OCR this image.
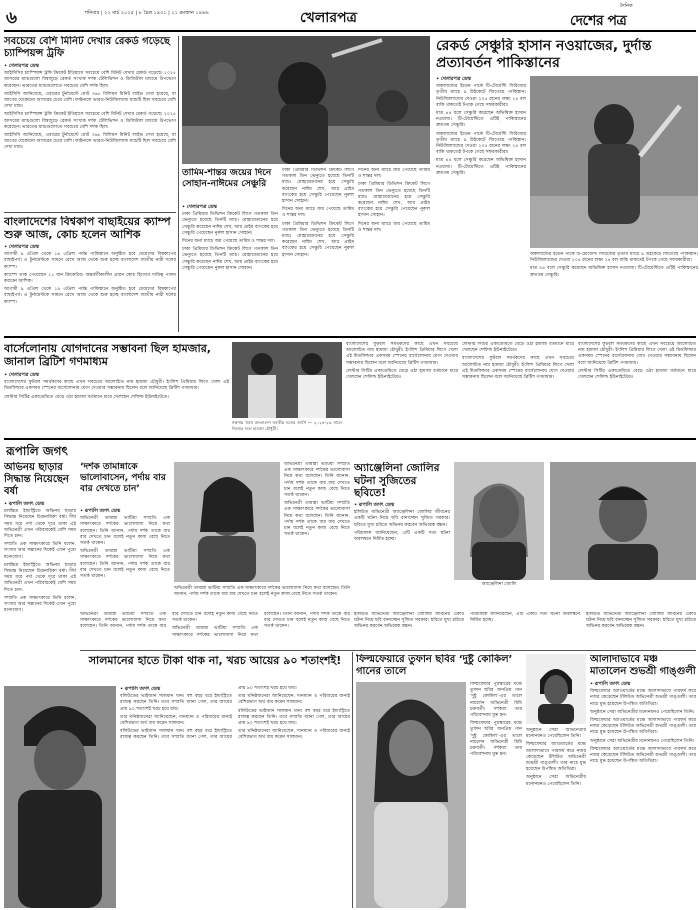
৬	শনিবার | ২২ মার্চ ২০২৫ | ৮ চৈত্র ১৪৩১ | ২১ রমজান ১৪৪৬	খেলারপত্র
দৈনিক
দেশের পত্র
সবচেয়ে বেশি মিনিট দেখার রেকর্ড গড়েছে চ্যাম্পিয়ন্স ট্রফি
• খেলারপত্র ডেস্ক

আইসিসির চ্যাম্পিয়ন্স ট্রফি ক্রিকেট ইতিহাসে সবচেয়ে বেশি মিনিট দেখার রেকর্ড গড়েছে। ২০২৫ আসরের ম্যাচগুলো বিশ্বজুড়ে রেকর্ড সংখ্যক দর্শক টেলিভিশন ও ডিজিটাল মাধ্যমে উপভোগ করেছেন। ভারতের ম্যাচগুলোতে সবচেয়ে বেশি দর্শক ছিল।

আইসিসি জানিয়েছে, এবারের টুর্নামেন্টে মোট ৩৬৮ বিলিয়ন মিনিট লাইভ দেখা হয়েছে, যা আগের যেকোনো আসরের চেয়ে বেশি। ফাইনালে ভারত-নিউজিল্যান্ড ম্যাচটি ছিল সবচেয়ে বেশি দেখা ম্যাচ।

আইসিসির চ্যাম্পিয়ন্স ট্রফি ক্রিকেট ইতিহাসে সবচেয়ে বেশি মিনিট দেখার রেকর্ড গড়েছে। ২০২৫ আসরের ম্যাচগুলো বিশ্বজুড়ে রেকর্ড সংখ্যক দর্শক টেলিভিশন ও ডিজিটাল মাধ্যমে উপভোগ করেছেন। ভারতের ম্যাচগুলোতে সবচেয়ে বেশি দর্শক ছিল।

আইসিসি জানিয়েছে, এবারের টুর্নামেন্টে মোট ৩৬৮ বিলিয়ন মিনিট লাইভ দেখা হয়েছে, যা আগের যেকোনো আসরের চেয়ে বেশি। ফাইনালে ভারত-নিউজিল্যান্ড ম্যাচটি ছিল সবচেয়ে বেশি দেখা ম্যাচ।

বাংলাদেশের বিশ্বকাপ বাছাইয়ের ক্যাম্প শুরু আজ, কোচ হলেন আশিক
• খেলারপত্র ডেস্ক

আগামী ৯ এপ্রিল থেকে ১৯ এপ্রিল পর্যন্ত পাকিস্তানে অনুষ্ঠিত হবে মেয়েদের বিশ্বকাপের বাছাইপর্ব। এ টুর্নামেন্টকে সামনে রেখে আজ থেকে শুরু হচ্ছে বাংলাদেশ জাতীয় নারী দলের ক্যাম্প।

ক্যাম্পে ডাক পেয়েছেন ২১ জন ক্রিকেটার। অন্তর্বর্তীকালীন প্রধান কোচ হিসেবে দায়িত্ব পালন করবেন আশিক।

আগামী ৯ এপ্রিল থেকে ১৯ এপ্রিল পর্যন্ত পাকিস্তানে অনুষ্ঠিত হবে মেয়েদের বিশ্বকাপের বাছাইপর্ব। এ টুর্নামেন্টকে সামনে রেখে আজ থেকে শুরু হচ্ছে বাংলাদেশ জাতীয় নারী দলের ক্যাম্প।

রেকর্ড সেঞ্চুরি হাসান নওয়াজের, দুর্দান্ত প্রত্যাবর্তন পাকিস্তানের
• খেলারপত্র ডেস্ক

অকল্যান্ডের ইডেন পার্কে টি-টোয়েন্টি সিরিজের তৃতীয় ম্যাচে ৯ উইকেটে জিতেছে পাকিস্তান। নিউজিল্যান্ডের দেওয়া ২০৫ রানের লক্ষ্য ২৪ বল বাকি থাকতেই টপকে গেছে সফরকারীরা।

মাত্র ৪৪ বলে সেঞ্চুরি করেছেন অভিষিক্ত হাসান নওয়াজ। টি-টোয়েন্টিতে এটিই পাকিস্তানের দ্রুততম সেঞ্চুরি।

অকল্যান্ডের ইডেন পার্কে টি-টোয়েন্টি সিরিজের তৃতীয় ম্যাচে ৯ উইকেটে জিতেছে পাকিস্তান। নিউজিল্যান্ডের দেওয়া ২০৫ রানের লক্ষ্য ২৪ বল বাকি থাকতেই টপকে গেছে সফরকারীরা।

মাত্র ৪৪ বলে সেঞ্চুরি করেছেন অভিষিক্ত হাসান নওয়াজ। টি-টোয়েন্টিতে এটিই পাকিস্তানের দ্রুততম সেঞ্চুরি।

অকল্যান্ডের ইডেন পার্কে টি-টোয়েন্টি সিরিজের তৃতীয় ম্যাচে ৯ উইকেটে জিতেছে পাকিস্তান। নিউজিল্যান্ডের দেওয়া ২০৫ রানের লক্ষ্য ২৪ বল বাকি থাকতেই টপকে গেছে সফরকারীরা।

মাত্র ৪৪ বলে সেঞ্চুরি করেছেন অভিষিক্ত হাসান নওয়াজ। টি-টোয়েন্টিতে এটিই পাকিস্তানের দ্রুততম সেঞ্চুরি।

তামিম-শান্তর জয়ের দিনে সোহান-নাঈমের সেঞ্চুরি
• খেলারপত্র ডেস্ক

ঢাকা প্রিমিয়ার ডিভিশন ক্রিকেট লিগে গতকাল তিন ভেন্যুতে হয়েছে তিনটি ম্যাচ। মোহামেডানের হয়ে সেঞ্চুরি করেছেন নাঈম শেখ, আর প্রাইম ব্যাংকের হয়ে সেঞ্চুরি পেয়েছেন নুরুল হাসান সোহান।

দিনের অন্য ম্যাচে জয় পেয়েছে তামিম ও শান্তর দল।

ঢাকা প্রিমিয়ার ডিভিশন ক্রিকেট লিগে গতকাল তিন ভেন্যুতে হয়েছে তিনটি ম্যাচ। মোহামেডানের হয়ে সেঞ্চুরি করেছেন নাঈম শেখ, আর প্রাইম ব্যাংকের হয়ে সেঞ্চুরি পেয়েছেন নুরুল হাসান সোহান।

ঢাকা প্রিমিয়ার ডিভিশন ক্রিকেট লিগে গতকাল তিন ভেন্যুতে হয়েছে তিনটি ম্যাচ। মোহামেডানের হয়ে সেঞ্চুরি করেছেন নাঈম শেখ, আর প্রাইম ব্যাংকের হয়ে সেঞ্চুরি পেয়েছেন নুরুল হাসান সোহান।

দিনের অন্য ম্যাচে জয় পেয়েছে তামিম ও শান্তর দল।

ঢাকা প্রিমিয়ার ডিভিশন ক্রিকেট লিগে গতকাল তিন ভেন্যুতে হয়েছে তিনটি ম্যাচ। মোহামেডানের হয়ে সেঞ্চুরি করেছেন নাঈম শেখ, আর প্রাইম ব্যাংকের হয়ে সেঞ্চুরি পেয়েছেন নুরুল হাসান সোহান।

দিনের অন্য ম্যাচে জয় পেয়েছে তামিম ও শান্তর দল।

ঢাকা প্রিমিয়ার ডিভিশন ক্রিকেট লিগে গতকাল তিন ভেন্যুতে হয়েছে তিনটি ম্যাচ। মোহামেডানের হয়ে সেঞ্চুরি করেছেন নাঈম শেখ, আর প্রাইম ব্যাংকের হয়ে সেঞ্চুরি পেয়েছেন নুরুল হাসান সোহান।

দিনের অন্য ম্যাচে জয় পেয়েছে তামিম ও শান্তর দল।

বার্সেলোনায় যোগদানের সম্ভাবনা ছিল হামজার, জানাল ব্রিটিশ গণমাধ্যম
• খেলারপত্র ডেস্ক

বাংলাদেশের ফুটবল সমর্থকদের কাছে এখন সবচেয়ে আলোচিত নাম হামজা চৌধুরী। ইংলিশ প্রিমিয়ার লিগে খেলা এই মিডফিল্ডার একসময় স্পেনের বার্সেলোনায় যোগ দেওয়ার সম্ভাবনায় ছিলেন বলে জানিয়েছে ব্রিটিশ গণমাধ্যম।

লেস্টার সিটির একাডেমিতে বেড়ে ওঠা হামজা বর্তমানে ধারে খেলছেন শেফিল্ড ইউনাইটেডে।

নকশায় হুবহু বাংলাদেশ জাতীয় দলের জার্সি — ২০২৫-২৬ সালে নিজের দলে হামজা চৌধুরী।

বাংলাদেশের ফুটবল সমর্থকদের কাছে এখন সবচেয়ে আলোচিত নাম হামজা চৌধুরী। ইংলিশ প্রিমিয়ার লিগে খেলা এই মিডফিল্ডার একসময় স্পেনের বার্সেলোনায় যোগ দেওয়ার সম্ভাবনায় ছিলেন বলে জানিয়েছে ব্রিটিশ গণমাধ্যম।

লেস্টার সিটির একাডেমিতে বেড়ে ওঠা হামজা বর্তমানে ধারে খেলছেন শেফিল্ড ইউনাইটেডে।

লেস্টার সিটির একাডেমিতে বেড়ে ওঠা হামজা বর্তমানে ধারে খেলছেন শেফিল্ড ইউনাইটেডে।

বাংলাদেশের ফুটবল সমর্থকদের কাছে এখন সবচেয়ে আলোচিত নাম হামজা চৌধুরী। ইংলিশ প্রিমিয়ার লিগে খেলা এই মিডফিল্ডার একসময় স্পেনের বার্সেলোনায় যোগ দেওয়ার সম্ভাবনায় ছিলেন বলে জানিয়েছে ব্রিটিশ গণমাধ্যম।

বাংলাদেশের ফুটবল সমর্থকদের কাছে এখন সবচেয়ে আলোচিত নাম হামজা চৌধুরী। ইংলিশ প্রিমিয়ার লিগে খেলা এই মিডফিল্ডার একসময় স্পেনের বার্সেলোনায় যোগ দেওয়ার সম্ভাবনায় ছিলেন বলে জানিয়েছে ব্রিটিশ গণমাধ্যম।

লেস্টার সিটির একাডেমিতে বেড়ে ওঠা হামজা বর্তমানে ধারে খেলছেন শেফিল্ড ইউনাইটেডে।

রূপালি জগৎ
অভিনয় ছাড়ার সিদ্ধান্ত নিয়েছেন বর্ষা
• রূপালি জগৎ ডেস্ক

চলচ্চিত্র ইন্ডাস্ট্রিতে অভিনয় ছাড়ার সিদ্ধান্ত নিয়েছেন চিত্রনায়িকা বর্ষা। দীর্ঘ সময় ধরে পর্দা থেকে দূরে থাকা এই অভিনেত্রী এখন পরিবারকেই বেশি সময় দিতে চান।

সম্প্রতি এক সাক্ষাৎকারে তিনি বলেন, সংসার আর সন্তানের দিকেই এখন পুরো মনোযোগ।

চলচ্চিত্র ইন্ডাস্ট্রিতে অভিনয় ছাড়ার সিদ্ধান্ত নিয়েছেন চিত্রনায়িকা বর্ষা। দীর্ঘ সময় ধরে পর্দা থেকে দূরে থাকা এই অভিনেত্রী এখন পরিবারকেই বেশি সময় দিতে চান।

সম্প্রতি এক সাক্ষাৎকারে তিনি বলেন, সংসার আর সন্তানের দিকেই এখন পুরো মনোযোগ।

‘দর্শক তামান্নাকে ভালোবাসেন, পর্দায় বার বার দেখতে চান’
• রূপালি জগৎ ডেস্ক

অভিনেত্রী তামান্না ভাটিয়া সম্প্রতি এক সাক্ষাৎকারে দর্শকের ভালোবাসা নিয়ে কথা বলেছেন। তিনি জানান, পর্দায় দর্শক তাকে বার বার দেখতে চান বলেই নতুন কাজ বেছে নিতে সতর্ক থাকেন।

অভিনেত্রী তামান্না ভাটিয়া সম্প্রতি এক সাক্ষাৎকারে দর্শকের ভালোবাসা নিয়ে কথা বলেছেন। তিনি জানান, পর্দায় দর্শক তাকে বার বার দেখতে চান বলেই নতুন কাজ বেছে নিতে সতর্ক থাকেন।

অভিনেত্রী তামান্না ভাটিয়া সম্প্রতি এক সাক্ষাৎকারে দর্শকের ভালোবাসা নিয়ে কথা বলেছেন। তিনি জানান, পর্দায় দর্শক তাকে বার বার দেখতে চান বলেই নতুন কাজ বেছে নিতে সতর্ক থাকেন।

অভিনেত্রী তামান্না ভাটিয়া সম্প্রতি এক সাক্ষাৎকারে দর্শকের ভালোবাসা নিয়ে কথা বলেছেন। তিনি জানান, পর্দায় দর্শক তাকে বার বার দেখতে চান বলেই নতুন কাজ বেছে নিতে সতর্ক থাকেন।

অভিনেত্রী তামান্না ভাটিয়া সম্প্রতি এক সাক্ষাৎকারে দর্শকের ভালোবাসা নিয়ে কথা বলেছেন। তিনি জানান, পর্দায় দর্শক তাকে বার বার দেখতে চান বলেই নতুন কাজ বেছে নিতে সতর্ক থাকেন।

অ্যাঞ্জেলিনা জোলির ঘটনা সুজিতের ছবিতে!
• রূপালি জগৎ ডেস্ক

হলিউড অভিনেত্রী অ্যাঞ্জেলিনা জোলির জীবনের একটি ঘটনা নিয়ে ছবি বানাচ্ছেন সুজিত সরকার। ছবিতে মুখ্য চরিত্রে অভিনয় করবেন অভিষেক বচ্চন।

পরিচালক জানিয়েছেন, এটি একটি সত্য ঘটনা অবলম্বনে নির্মিত হচ্ছে।

অ্যাঞ্জেলিনা জোলি

হলিউড অভিনেত্রী অ্যাঞ্জেলিনা জোলির জীবনের একটি ঘটনা নিয়ে ছবি বানাচ্ছেন সুজিত সরকার। ছবিতে মুখ্য চরিত্রে অভিনয় করবেন অভিষেক বচ্চন।

পরিচালক জানিয়েছেন, এটি একটি সত্য ঘটনা অবলম্বনে নির্মিত হচ্ছে।

হলিউড অভিনেত্রী অ্যাঞ্জেলিনা জোলির জীবনের একটি ঘটনা নিয়ে ছবি বানাচ্ছেন সুজিত সরকার। ছবিতে মুখ্য চরিত্রে অভিনয় করবেন অভিষেক বচ্চন।

অভিনেত্রী তামান্না ভাটিয়া সম্প্রতি এক সাক্ষাৎকারে দর্শকের ভালোবাসা নিয়ে কথা বলেছেন। তিনি জানান, পর্দায় দর্শক তাকে বার বার দেখতে চান বলেই নতুন কাজ বেছে নিতে সতর্ক থাকেন।

অভিনেত্রী তামান্না ভাটিয়া সম্প্রতি এক সাক্ষাৎকারে দর্শকের ভালোবাসা নিয়ে কথা বলেছেন। তিনি জানান, পর্দায় দর্শক তাকে বার বার দেখতে চান বলেই নতুন কাজ বেছে নিতে সতর্ক থাকেন।

সালমানের হাতে টাকা থাক না, খরচ আয়ের ৯০ শতাংশই!
• রূপালি জগৎ ডেস্ক

বলিউডের ভাইজান সালমান খান। বহু বছর ধরে ইন্ডাস্ট্রিতে রাজত্ব করছেন তিনি। তবে সম্প্রতি জানা গেল, তার আয়ের প্রায় ৯০ শতাংশই খরচ হয়ে যায়।

তার ঘনিষ্ঠজনেরা জানিয়েছেন, দানধ্যান ও পরিবারের জন্যই বেশিরভাগ অর্থ ব্যয় করেন সালমান।

বলিউডের ভাইজান সালমান খান। বহু বছর ধরে ইন্ডাস্ট্রিতে রাজত্ব করছেন তিনি। তবে সম্প্রতি জানা গেল, তার আয়ের প্রায় ৯০ শতাংশই খরচ হয়ে যায়।

তার ঘনিষ্ঠজনেরা জানিয়েছেন, দানধ্যান ও পরিবারের জন্যই বেশিরভাগ অর্থ ব্যয় করেন সালমান।

বলিউডের ভাইজান সালমান খান। বহু বছর ধরে ইন্ডাস্ট্রিতে রাজত্ব করছেন তিনি। তবে সম্প্রতি জানা গেল, তার আয়ের প্রায় ৯০ শতাংশই খরচ হয়ে যায়।

তার ঘনিষ্ঠজনেরা জানিয়েছেন, দানধ্যান ও পরিবারের জন্যই বেশিরভাগ অর্থ ব্যয় করেন সালমান।

ফিল্মফেয়ারে তুফান ছবির ‘দুষ্টু কোকিল’ গানের তালে

ফিল্মফেয়ার পুরস্কারের মঞ্চে তুফান ছবির জনপ্রিয় গান ‘দুষ্টু কোকিল’-এর তালে নাচলেন অভিনেত্রী মিমি চক্রবর্তী। দর্শকরা তার পরিবেশনায় মুগ্ধ হন।

ফিল্মফেয়ার পুরস্কারের মঞ্চে তুফান ছবির জনপ্রিয় গান ‘দুষ্টু কোকিল’-এর তালে নাচলেন অভিনেত্রী মিমি চক্রবর্তী। দর্শকরা তার পরিবেশনায় মুগ্ধ হন।

আলাদাভাবে মঞ্চ মাতালেন শুভশ্রী গাঙ্গুলী
• রূপালি জগৎ ডেস্ক

ফিল্মফেয়ার অ্যাওয়ার্ডের মঞ্চে আলাদাভাবে পারফর্ম করে নজর কেড়েছেন টলিউড অভিনেত্রী শুভশ্রী গাঙ্গুলী। তার নাচে মুগ্ধ হয়েছেন উপস্থিত অতিথিরা।

অনুষ্ঠানে সেরা অভিনেত্রীর মনোনয়নও পেয়েছিলেন তিনি।

ফিল্মফেয়ার অ্যাওয়ার্ডের মঞ্চে আলাদাভাবে পারফর্ম করে নজর কেড়েছেন টলিউড অভিনেত্রী শুভশ্রী গাঙ্গুলী। তার নাচে মুগ্ধ হয়েছেন উপস্থিত অতিথিরা।

অনুষ্ঠানে সেরা অভিনেত্রীর মনোনয়নও পেয়েছিলেন তিনি।

ফিল্মফেয়ার অ্যাওয়ার্ডের মঞ্চে আলাদাভাবে পারফর্ম করে নজর কেড়েছেন টলিউড অভিনেত্রী শুভশ্রী গাঙ্গুলী। তার নাচে মুগ্ধ হয়েছেন উপস্থিত অতিথিরা।

অনুষ্ঠানে সেরা অভিনেত্রীর মনোনয়নও পেয়েছিলেন তিনি।

ফিল্মফেয়ার অ্যাওয়ার্ডের মঞ্চে আলাদাভাবে পারফর্ম করে নজর কেড়েছেন টলিউড অভিনেত্রী শুভশ্রী গাঙ্গুলী। তার নাচে মুগ্ধ হয়েছেন উপস্থিত অতিথিরা।

অনুষ্ঠানে সেরা অভিনেত্রীর মনোনয়নও পেয়েছিলেন তিনি।
